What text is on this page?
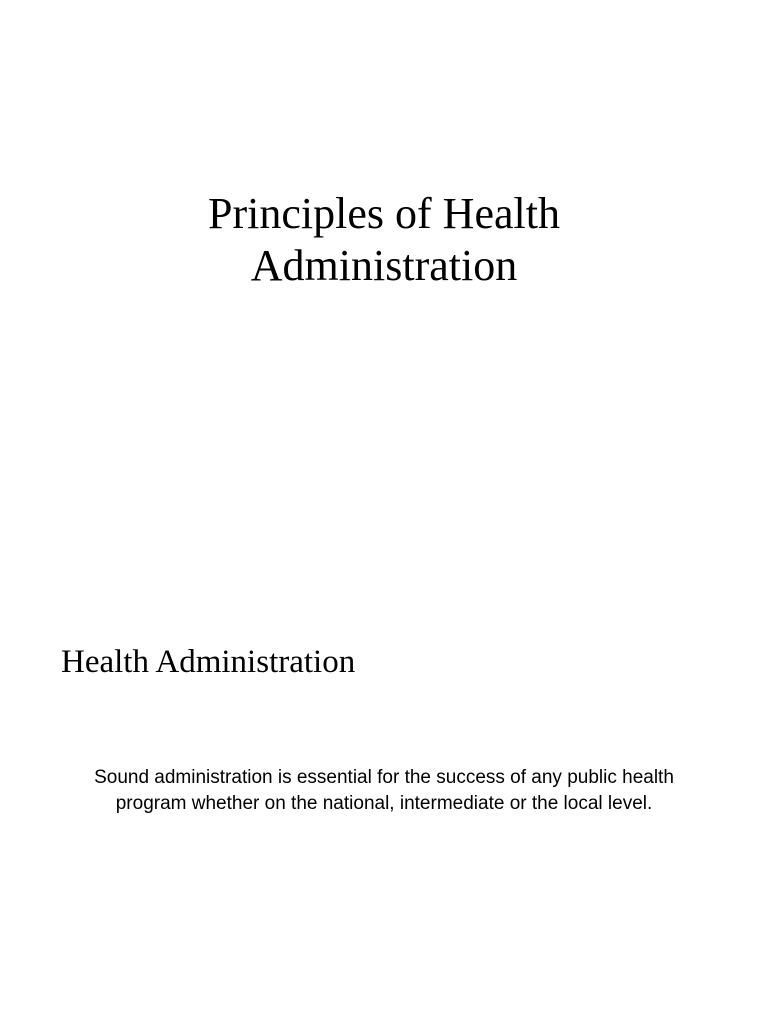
Principles of Health
Administration
Health Administration

Sound administration is essential for the success of any public health
program whether on the national, intermediate or the local level.
